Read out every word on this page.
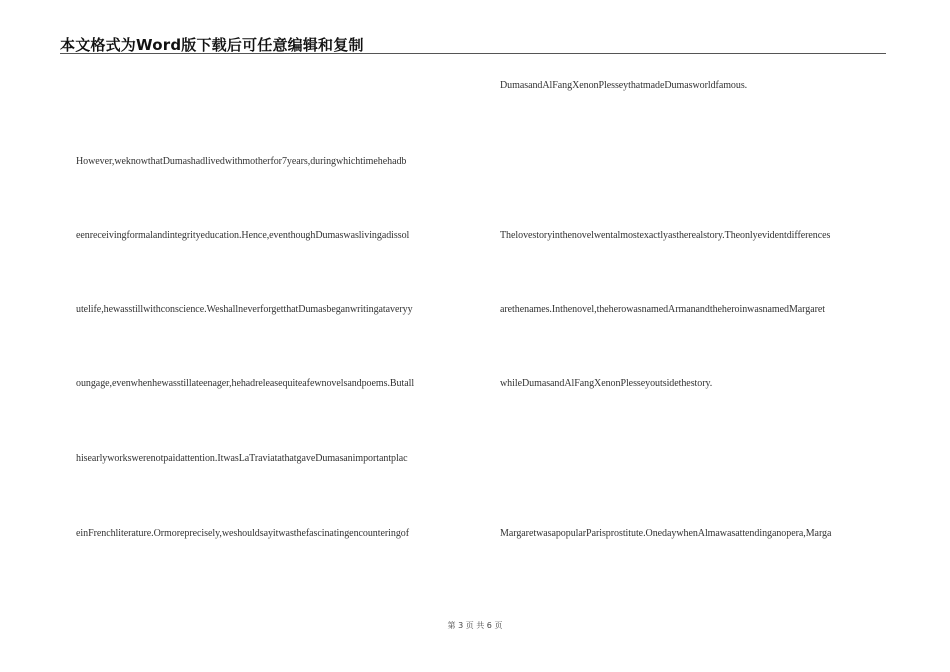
本文格式为Word版下载后可任意编辑和复制
However,weknowthatDumashadlivedwithmotherfor7years,duringwhichtimehehadb
eenreceivingformalandintegrityeducation.Hence,eventhoughDumaswaslivingadissol
utelife,hewasstillwithconscience.WeshallneverforgetthatDumasbeganwritingataveryy
oungage,evenwhenhewasstillateenager,hehadreleasequiteafewnovelsandpoems.Butall
hisearlyworkswerenotpaidattention.ItwasLaTraviatathatgaveDumasanimportantplac
einFrenchliterature.Ormoreprecisely,weshouldsayitwasthefascinatingencounteringof
DumasandAlFangXenonPlesseythatmadeDumasworldfamous.
Thelovestoryinthenovelwentalmostexactlyastherealstory.Theonlyevidentdifferences
arethenames.Inthenovel,theherowasnamedArmanandtheheroinwasnamedMargaret
whileDumasandAlFangXenonPlesseyoutsidethestory.
MargaretwasapopularParisprostitute.OnedaywhenAlmawasattendinganopera,Marga
第 3 页 共 6 页
